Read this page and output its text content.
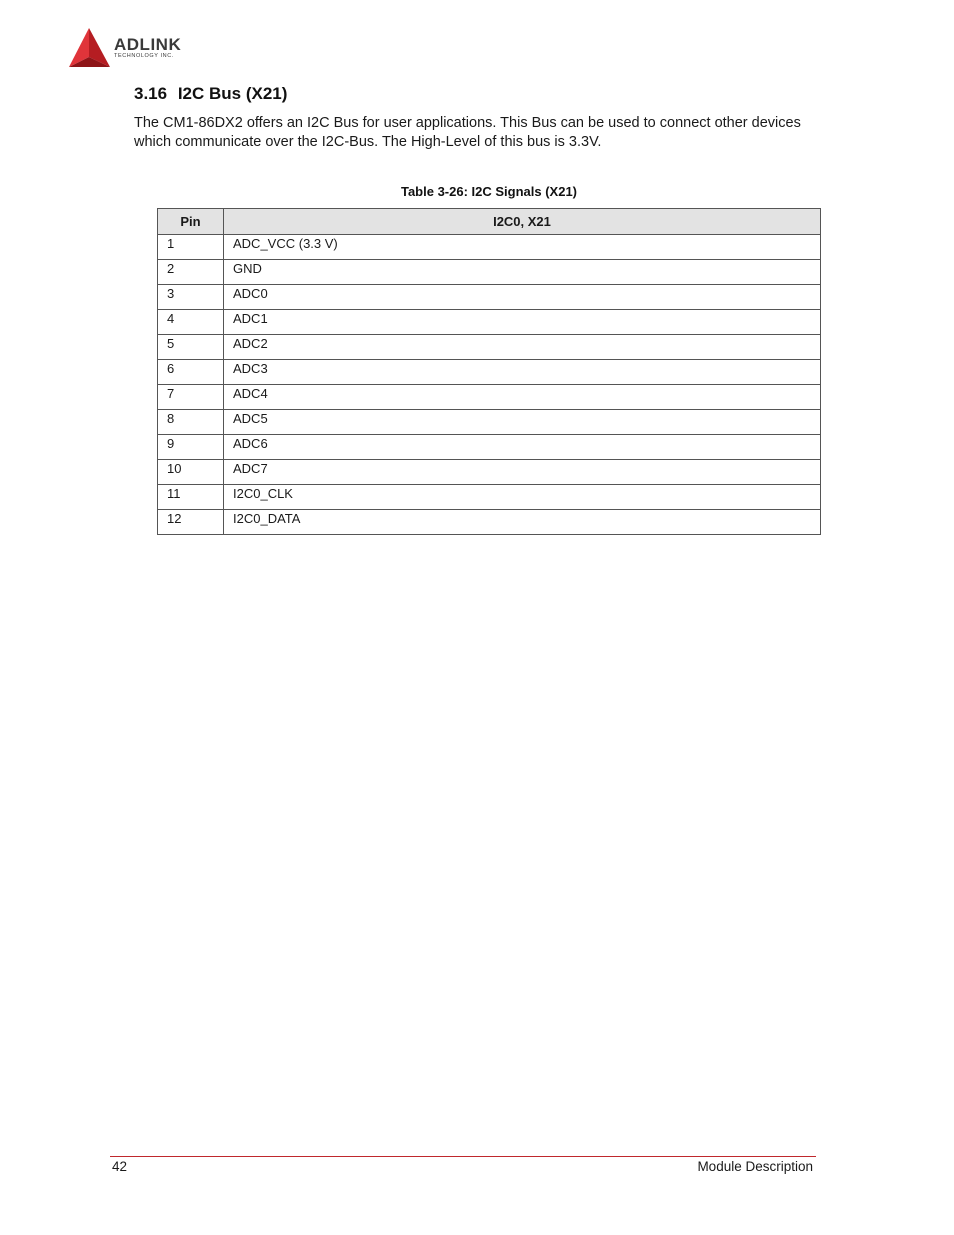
ADLINK
TECHNOLOGY INC.
3.16 I2C Bus (X21)

The CM1-86DX2 offers an I2C Bus for user applications. This Bus can be used to connect other devices which communicate over the I2C-Bus. The High-Level of this bus is 3.3V.

Table 3-26: I2C Signals (X21)
Pin	I2C0, X21
1	ADC_VCC (3.3 V)
2	GND
3	ADC0
4	ADC1
5	ADC2
6	ADC3
7	ADC4
8	ADC5
9	ADC6
10	ADC7
11	I2C0_CLK
12	I2C0_DATA
42	Module Description
